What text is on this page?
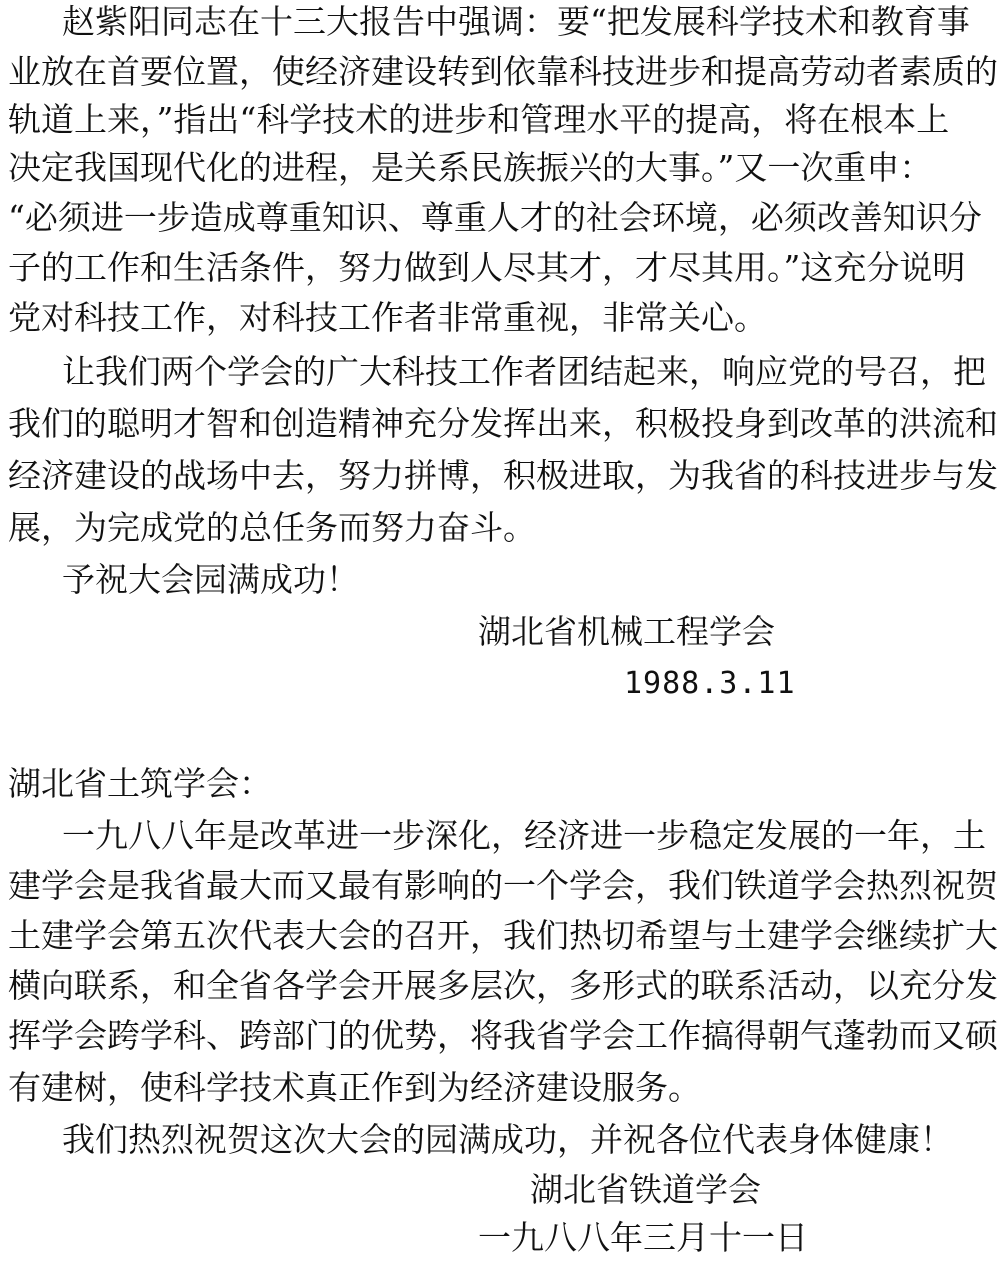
赵紫阳同志在十三大报告中强调：要“把发展科学技术和教育事
业放在首要位置，使经济建设转到依靠科技进步和提高劳动者素质的
轨道上来，”指出“科学技术的进步和管理水平的提高，将在根本上
决定我国现代化的进程，是关系民族振兴的大事。”又一次重申：
“必须进一步造成尊重知识、尊重人才的社会环境，必须改善知识分
子的工作和生活条件，努力做到人尽其才，才尽其用。”这充分说明
党对科技工作，对科技工作者非常重视，非常关心。
让我们两个学会的广大科技工作者团结起来，响应党的号召，把
我们的聪明才智和创造精神充分发挥出来，积极投身到改革的洪流和
经济建设的战场中去，努力拼博，积极进取，为我省的科技进步与发
展，为完成党的总任务而努力奋斗。
予祝大会园满成功！
湖北省机械工程学会
1988.3.11
湖北省土筑学会：
一九八八年是改革进一步深化，经济进一步稳定发展的一年，土
建学会是我省最大而又最有影响的一个学会，我们铁道学会热烈祝贺
土建学会第五次代表大会的召开，我们热切希望与土建学会继续扩大
横向联系，和全省各学会开展多层次，多形式的联系活动，以充分发
挥学会跨学科、跨部门的优势，将我省学会工作搞得朝气蓬勃而又硕
有建树，使科学技术真正作到为经济建设服务。
我们热烈祝贺这次大会的园满成功，并祝各位代表身体健康！
湖北省铁道学会
一九八八年三月十一日
